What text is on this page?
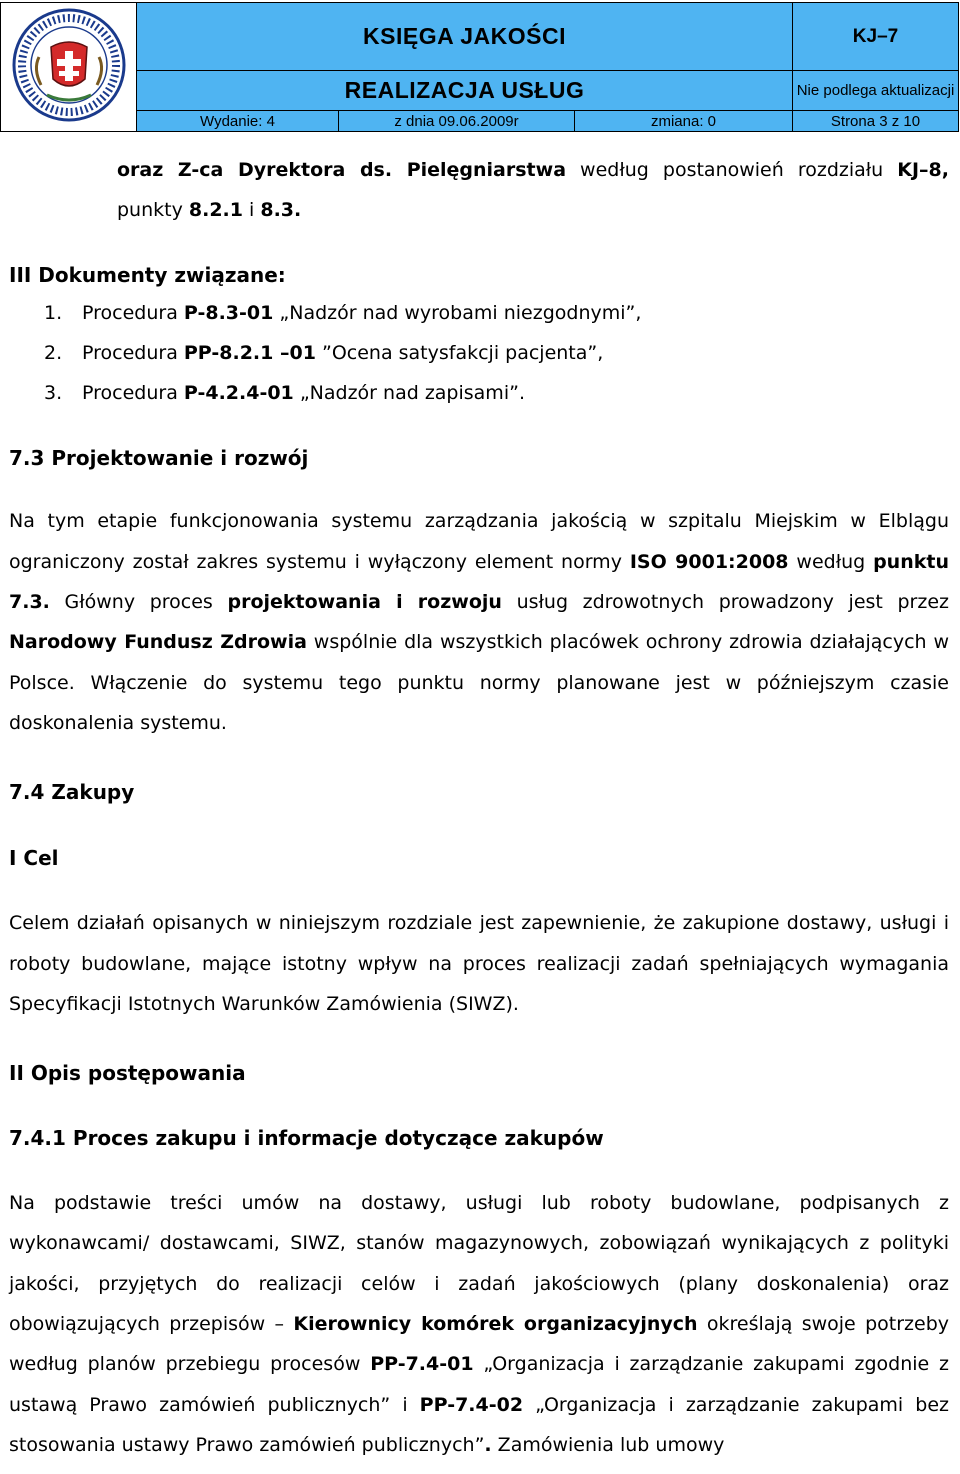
	KSIĘGA JAKOŚCI			KJ–7
	REALIZACJA USŁUG			Nie podlega aktualizacji
	Wydanie: 4	z dnia 09.06.2009r	zmiana: 0	Strona 3 z 10

oraz Z-ca Dyrektora ds. Pielęgniarstwa według postanowień rozdziału KJ–8,

punkty 8.2.1 i 8.3.

III Dokumenty związane:

1. Procedura P-8.3-01 „Nadzór nad wyrobami niezgodnymi”,
2. Procedura PP-8.2.1 –01 ”Ocena satysfakcji pacjenta”,
3. Procedura P-4.2.4-01 „Nadzór nad zapisami”.

7.3 Projektowanie i rozwój

Na tym etapie funkcjonowania systemu zarządzania jakością w szpitalu Miejskim w Elblągu ograniczony został zakres systemu i wyłączony element normy ISO 9001:2008 według punktu 7.3. Główny proces projektowania i rozwoju usług zdrowotnych prowadzony jest przez Narodowy Fundusz Zdrowia wspólnie dla wszystkich placówek ochrony zdrowia działających w Polsce. Włączenie do systemu tego punktu normy planowane jest w późniejszym czasie doskonalenia systemu.

7.4 Zakupy

I Cel

Celem działań opisanych w niniejszym rozdziale jest zapewnienie, że zakupione dostawy, usługi i roboty budowlane, mające istotny wpływ na proces realizacji zadań spełniających wymagania Specyfikacji Istotnych Warunków Zamówienia (SIWZ).

II Opis postępowania

7.4.1 Proces zakupu i informacje dotyczące zakupów

Na podstawie treści umów na dostawy, usługi lub roboty budowlane, podpisanych z wykonawcami/ dostawcami, SIWZ, stanów magazynowych, zobowiązań wynikających z polityki jakości, przyjętych do realizacji celów i zadań jakościowych (plany doskonalenia) oraz obowiązujących przepisów – Kierownicy komórek organizacyjnych określają swoje potrzeby według planów przebiegu procesów PP-7.4-01 „Organizacja i zarządzanie zakupami zgodnie z ustawą Prawo zamówień publicznych” i PP-7.4-02 „Organizacja i zarządzanie zakupami bez stosowania ustawy Prawo zamówień publicznych”. Zamówienia lub umowy
